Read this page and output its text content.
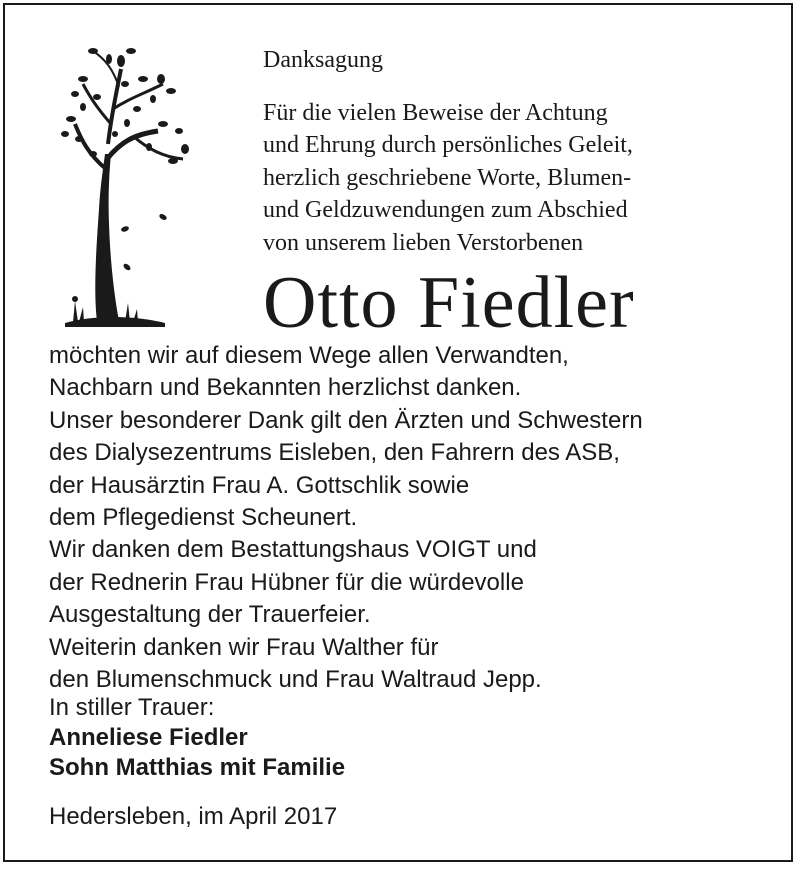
Danksagung
Für die vielen Beweise der Achtung
und Ehrung durch persönliches Geleit,
herzlich geschriebene Worte, Blumen-
und Geldzuwendungen zum Abschied
von unserem lieben Verstorbenen
Otto Fiedler
möchten wir auf diesem Wege allen Verwandten,
Nachbarn und Bekannten herzlichst danken.
Unser besonderer Dank gilt den Ärzten und Schwestern
des Dialysezentrums Eisleben, den Fahrern des ASB,
der Hausärztin Frau A. Gottschlik sowie
dem Pflegedienst Scheunert.
Wir danken dem Bestattungshaus VOIGT und
der Rednerin Frau Hübner für die würdevolle
Ausgestaltung der Trauerfeier.
Weiterin danken wir Frau Walther für
den Blumenschmuck und Frau Waltraud Jepp.
In stiller Trauer:
Anneliese Fiedler
Sohn Matthias mit Familie
Hedersleben, im April 2017
